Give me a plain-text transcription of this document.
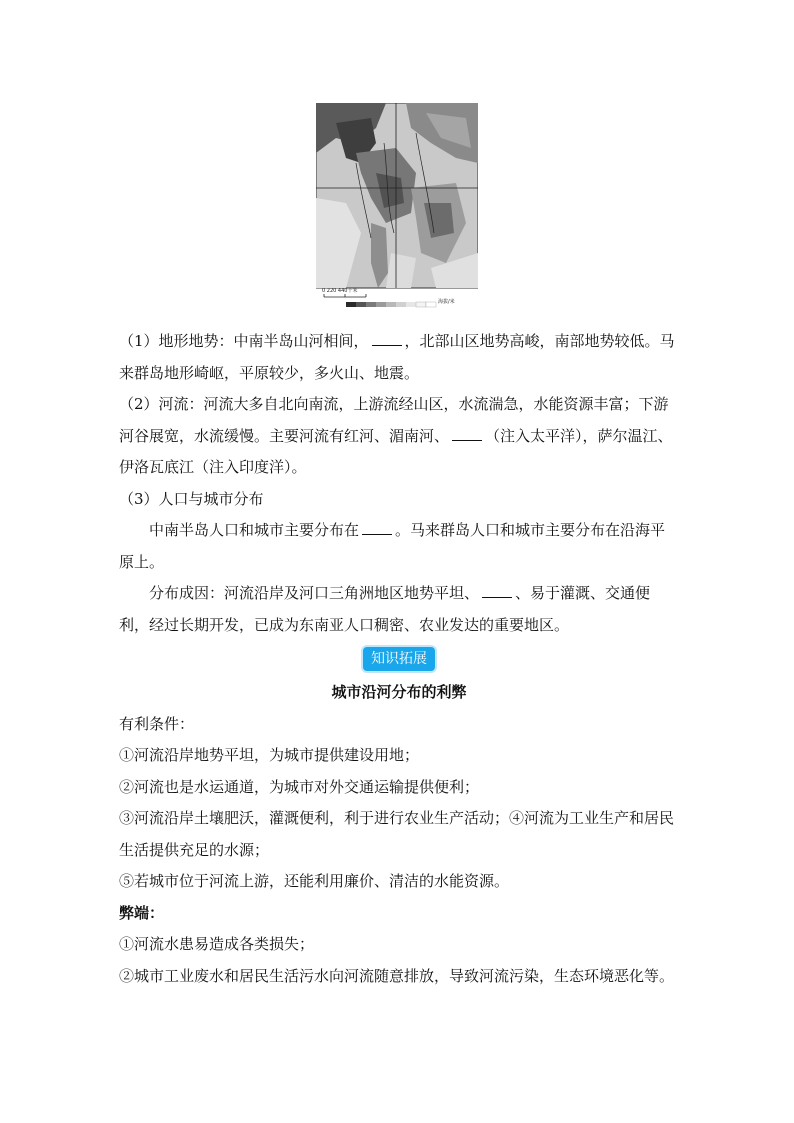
0 220 440千米
海拔/米

（1）地形地势：中南半岛山河相间， ，北部山区地势高峻，南部地势较低。马来群岛地形崎岖，平原较少，多火山、地震。

（2）河流：河流大多自北向南流，上游流经山区，水流湍急，水能资源丰富；下游河谷展宽，水流缓慢。主要河流有红河、湄南河、 （注入太平洋），萨尔温江、伊洛瓦底江（注入印度洋）。

（3）人口与城市分布

中南半岛人口和城市主要分布在 。马来群岛人口和城市主要分布在沿海平原上。

分布成因：河流沿岸及河口三角洲地区地势平坦、 、易于灌溉、交通便利，经过长期开发，已成为东南亚人口稠密、农业发达的重要地区。

知识拓展

城市沿河分布的利弊

有利条件：

①河流沿岸地势平坦，为城市提供建设用地；

②河流也是水运通道，为城市对外交通运输提供便利；

③河流沿岸土壤肥沃，灌溉便利，利于进行农业生产活动；④河流为工业生产和居民生活提供充足的水源；

⑤若城市位于河流上游，还能利用廉价、清洁的水能资源。

弊端：

①河流水患易造成各类损失；

②城市工业废水和居民生活污水向河流随意排放，导致河流污染，生态环境恶化等。
